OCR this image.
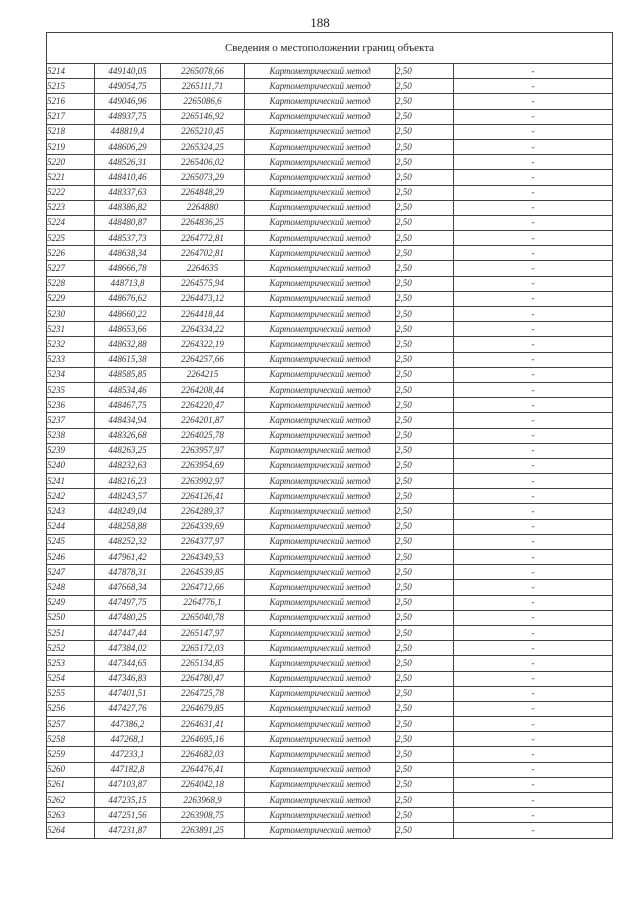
188
Сведения о местоположении границ объекта					
5214	449140,05	2265078,66	Картометрический метод	2,50	-
5215	449054,75	2265111,71	Картометрический метод	2,50	-
5216	449046,96	2265086,6	Картометрический метод	2,50	-
5217	448937,75	2265146,92	Картометрический метод	2,50	-
5218	448819,4	2265210,45	Картометрический метод	2,50	-
5219	448606,29	2265324,25	Картометрический метод	2,50	-
5220	448526,31	2265406,02	Картометрический метод	2,50	-
5221	448410,46	2265073,29	Картометрический метод	2,50	-
5222	448337,63	2264848,29	Картометрический метод	2,50	-
5223	448386,82	2264880	Картометрический метод	2,50	-
5224	448480,87	2264836,25	Картометрический метод	2,50	-
5225	448537,73	2264772,81	Картометрический метод	2,50	-
5226	448638,34	2264702,81	Картометрический метод	2,50	-
5227	448666,78	2264635	Картометрический метод	2,50	-
5228	448713,8	2264575,94	Картометрический метод	2,50	-
5229	448676,62	2264473,12	Картометрический метод	2,50	-
5230	448660,22	2264418,44	Картометрический метод	2,50	-
5231	448653,66	2264334,22	Картометрический метод	2,50	-
5232	448632,88	2264322,19	Картометрический метод	2,50	-
5233	448615,38	2264257,66	Картометрический метод	2,50	-
5234	448585,85	2264215	Картометрический метод	2,50	-
5235	448534,46	2264208,44	Картометрический метод	2,50	-
5236	448467,75	2264220,47	Картометрический метод	2,50	-
5237	448434,94	2264201,87	Картометрический метод	2,50	-
5238	448326,68	2264025,78	Картометрический метод	2,50	-
5239	448263,25	2263957,97	Картометрический метод	2,50	-
5240	448232,63	2263954,69	Картометрический метод	2,50	-
5241	448216,23	2263992,97	Картометрический метод	2,50	-
5242	448243,57	2264126,41	Картометрический метод	2,50	-
5243	448249,04	2264289,37	Картометрический метод	2,50	-
5244	448258,88	2264339,69	Картометрический метод	2,50	-
5245	448252,32	2264377,97	Картометрический метод	2,50	-
5246	447961,42	2264349,53	Картометрический метод	2,50	-
5247	447878,31	2264539,85	Картометрический метод	2,50	-
5248	447668,34	2264712,66	Картометрический метод	2,50	-
5249	447497,75	2264776,1	Картометрический метод	2,50	-
5250	447480,25	2265040,78	Картометрический метод	2,50	-
5251	447447,44	2265147,97	Картометрический метод	2,50	-
5252	447384,02	2265172,03	Картометрический метод	2,50	-
5253	447344,65	2265134,85	Картометрический метод	2,50	-
5254	447346,83	2264780,47	Картометрический метод	2,50	-
5255	447401,51	2264725,78	Картометрический метод	2,50	-
5256	447427,76	2264679,85	Картометрический метод	2,50	-
5257	447386,2	2264631,41	Картометрический метод	2,50	-
5258	447268,1	2264695,16	Картометрический метод	2,50	-
5259	447233,1	2264682,03	Картометрический метод	2,50	-
5260	447182,8	2264476,41	Картометрический метод	2,50	-
5261	447103,87	2264042,18	Картометрический метод	2,50	-
5262	447235,15	2263968,9	Картометрический метод	2,50	-
5263	447251,56	2263908,75	Картометрический метод	2,50	-
5264	447231,87	2263891,25	Картометрический метод	2,50	-
